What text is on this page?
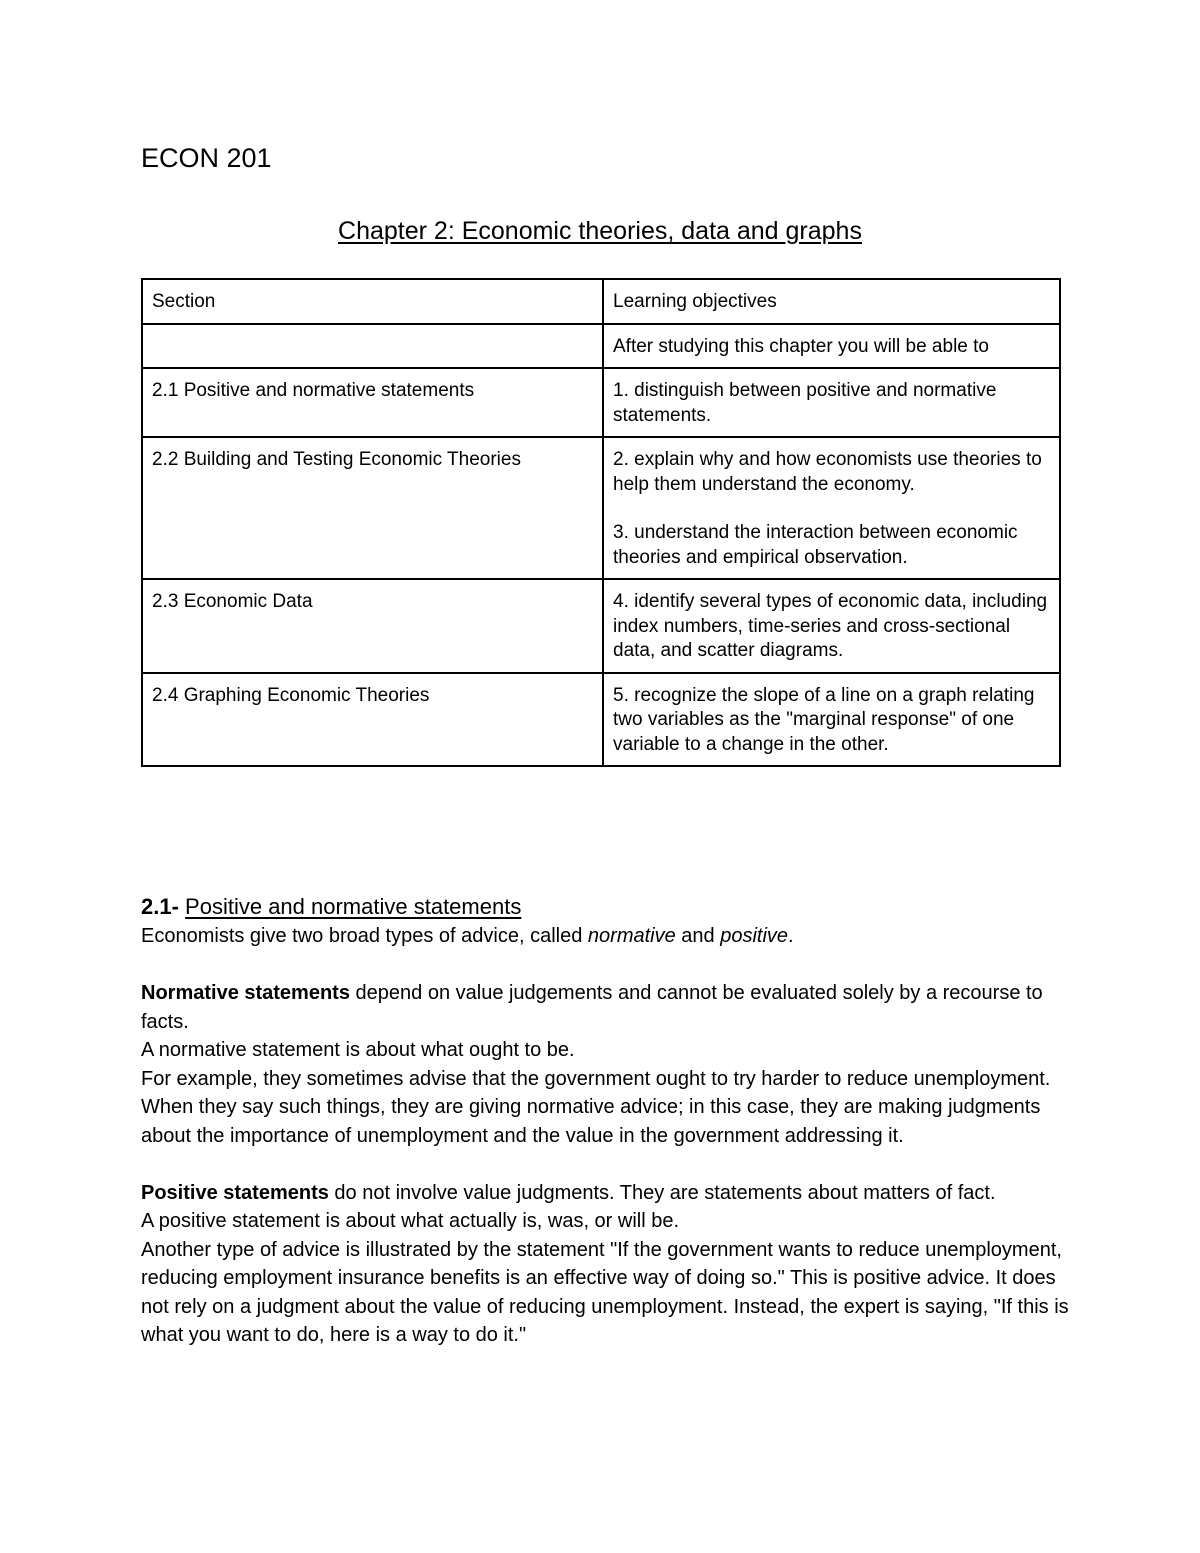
ECON 201
Chapter 2: Economic theories, data and graphs
Section	Learning objectives
	After studying this chapter you will be able to
2.1 Positive and normative statements	1. distinguish between positive and normative statements.
2.2 Building and Testing Economic Theories	2. explain why and how economists use theories to help them understand the economy.
3. understand the interaction between economic theories and empirical observation.

2.3 Economic Data	4. identify several types of economic data, including index numbers, time-series and cross-sectional data, and scatter diagrams.
2.4 Graphing Economic Theories	5. recognize the slope of a line on a graph relating two variables as the "marginal response" of one variable to a change in the other.

2.1- Positive and normative statements

Economists give two broad types of advice, called normative and positive.

Normative statements depend on value judgements and cannot be evaluated solely by a recourse to facts.

A normative statement is about what ought to be.

For example, they sometimes advise that the government ought to try harder to reduce unemployment. When they say such things, they are giving normative advice; in this case, they are making judgments about the importance of unemployment and the value in the government addressing it.

Positive statements do not involve value judgments. They are statements about matters of fact.

A positive statement is about what actually is, was, or will be.

Another type of advice is illustrated by the statement "If the government wants to reduce unemployment, reducing employment insurance benefits is an effective way of doing so." This is positive advice. It does not rely on a judgment about the value of reducing unemployment. Instead, the expert is saying, "If this is what you want to do, here is a way to do it."
